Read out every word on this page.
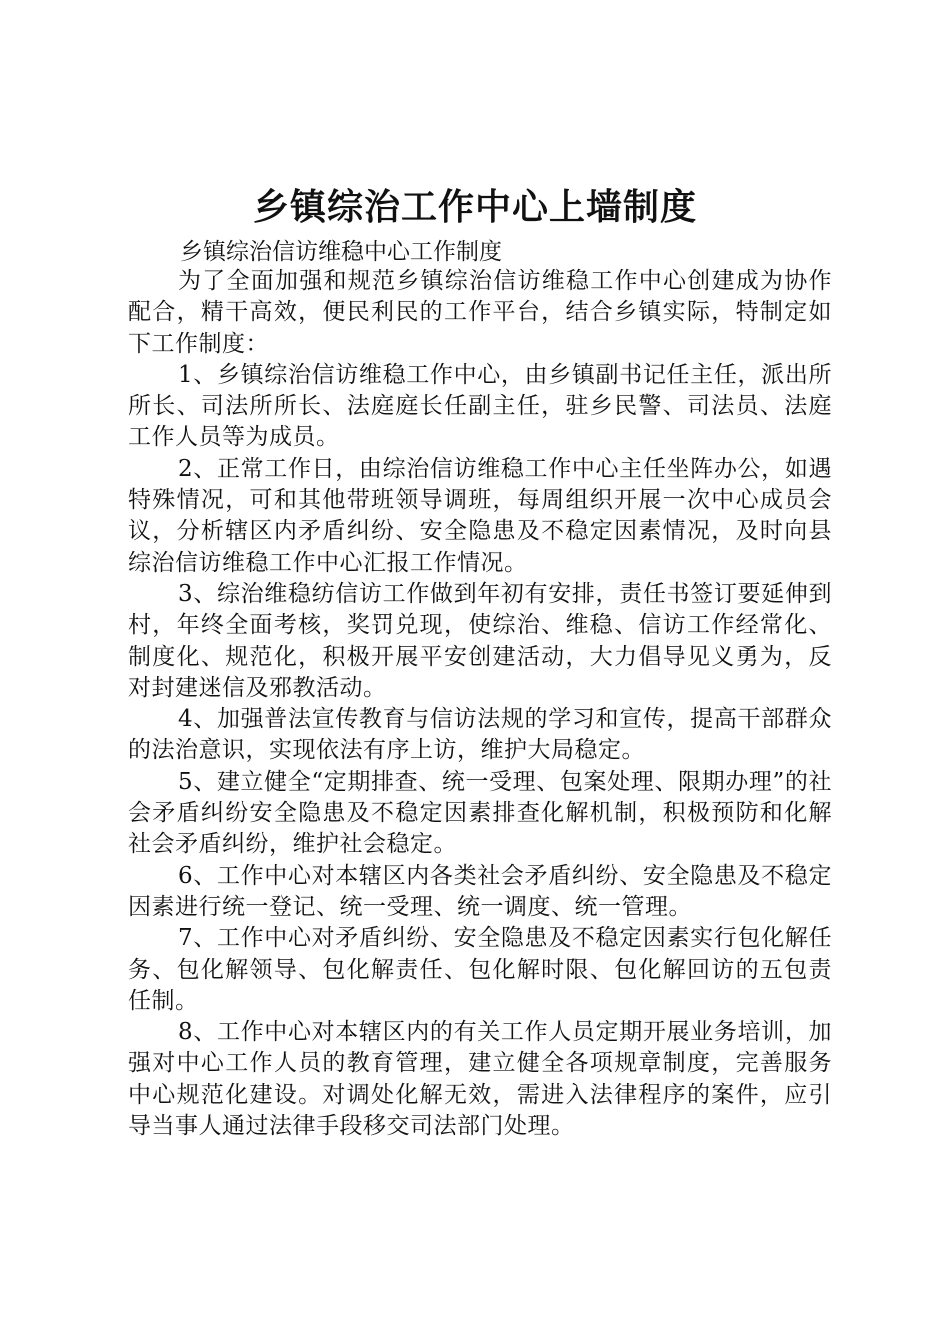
乡镇综治工作中心上墙制度
乡镇综治信访维稳中心工作制度

为了全面加强和规范乡镇综治信访维稳工作中心创建成为协作配合，精干高效，便民利民的工作平台，结合乡镇实际，特制定如下工作制度：

1、乡镇综治信访维稳工作中心，由乡镇副书记任主任，派出所所长、司法所所长、法庭庭长任副主任，驻乡民警、司法员、法庭工作人员等为成员。

2、正常工作日，由综治信访维稳工作中心主任坐阵办公，如遇特殊情况，可和其他带班领导调班，每周组织开展一次中心成员会议，分析辖区内矛盾纠纷、安全隐患及不稳定因素情况，及时向县综治信访维稳工作中心汇报工作情况。

3、综治维稳纺信访工作做到年初有安排，责任书签订要延伸到村，年终全面考核，奖罚兑现，使综治、维稳、信访工作经常化、制度化、规范化，积极开展平安创建活动，大力倡导见义勇为，反对封建迷信及邪教活动。

4、加强普法宣传教育与信访法规的学习和宣传，提高干部群众的法治意识，实现依法有序上访，维护大局稳定。

5、建立健全“定期排查、统一受理、包案处理、限期办理”的社会矛盾纠纷安全隐患及不稳定因素排查化解机制，积极预防和化解社会矛盾纠纷，维护社会稳定。

6、工作中心对本辖区内各类社会矛盾纠纷、安全隐患及不稳定因素进行统一登记、统一受理、统一调度、统一管理。

7、工作中心对矛盾纠纷、安全隐患及不稳定因素实行包化解任务、包化解领导、包化解责任、包化解时限、包化解回访的五包责任制。

8、工作中心对本辖区内的有关工作人员定期开展业务培训，加强对中心工作人员的教育管理，建立健全各项规章制度，完善服务中心规范化建设。对调处化解无效，需进入法律程序的案件，应引导当事人通过法律手段移交司法部门处理。
